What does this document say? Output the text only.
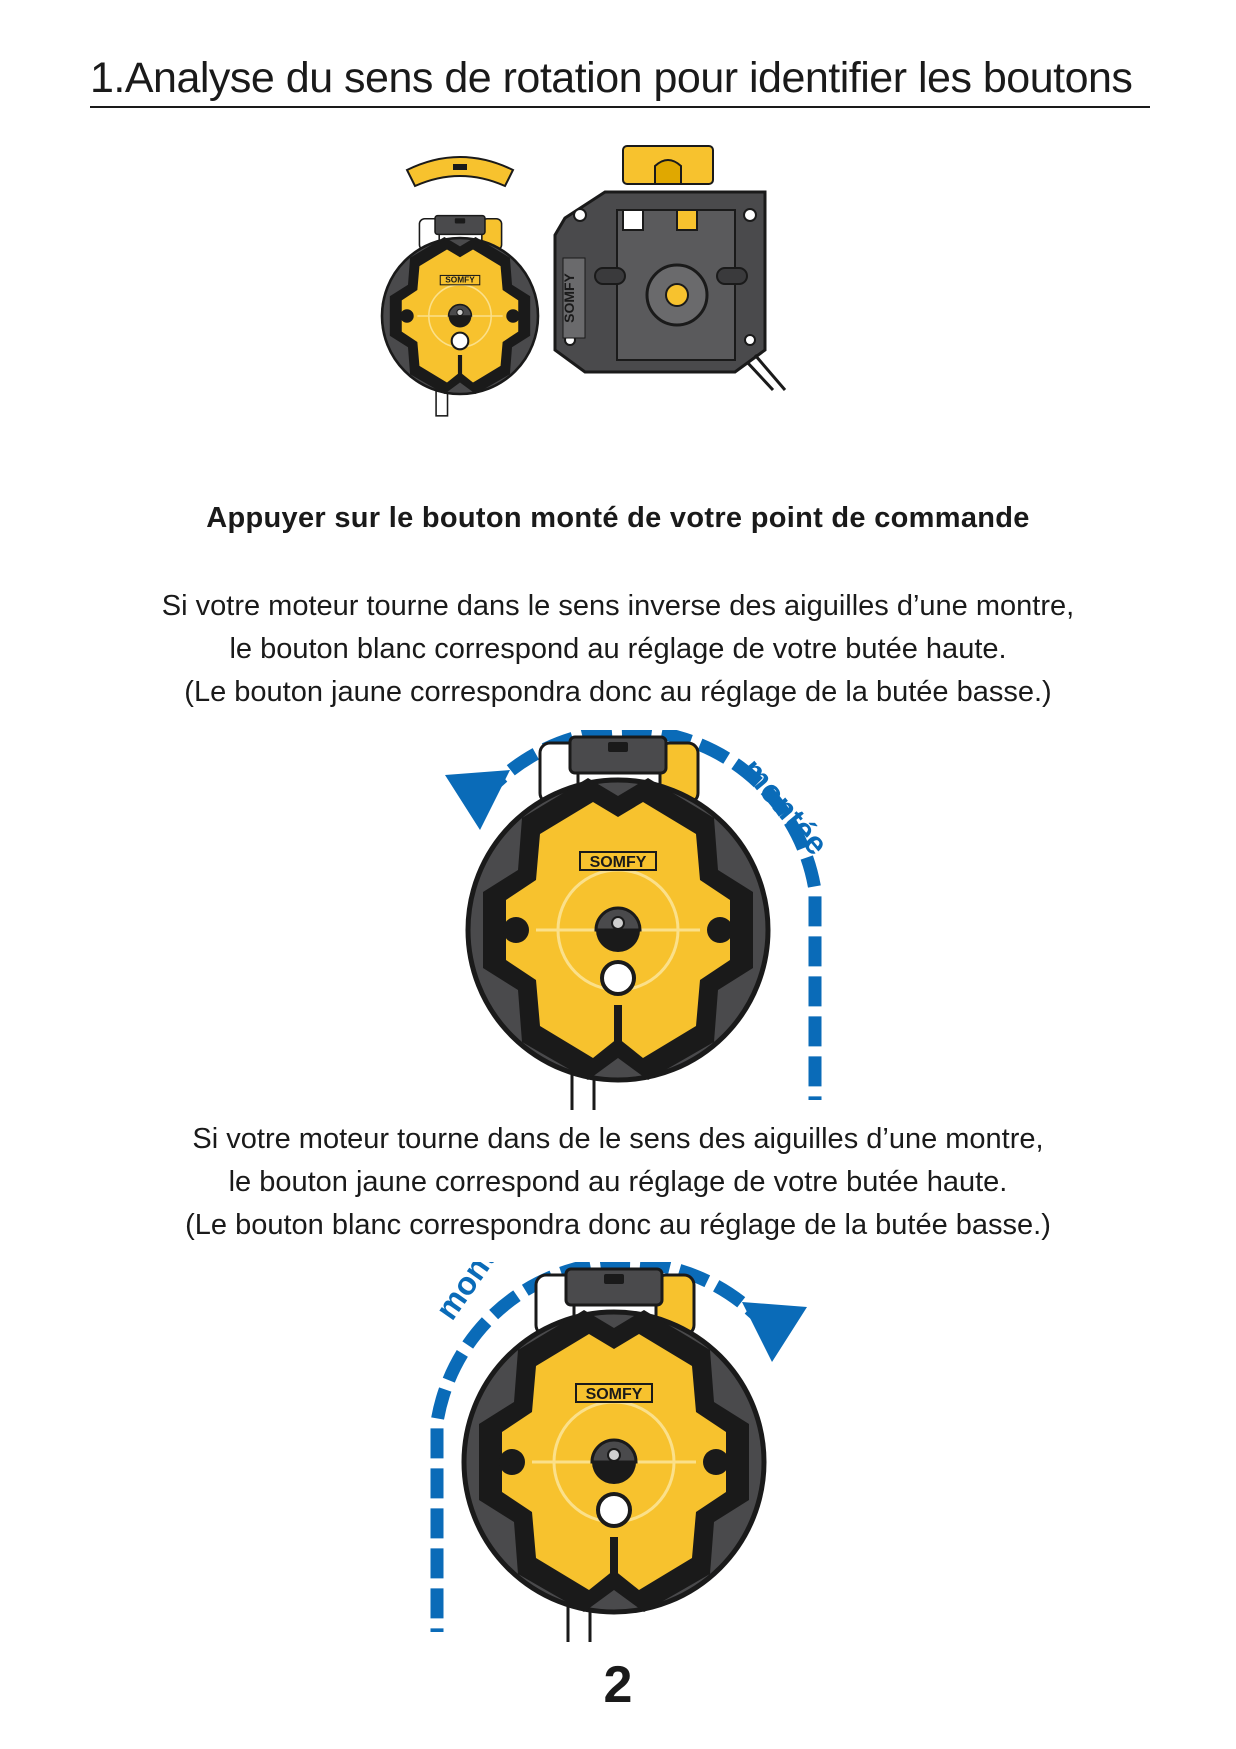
1.Analyse du sens de rotation pour identifier les boutons
SOMFY	SOMFY
Appuyer sur le bouton monté de votre point de commande
Si votre moteur tourne dans le sens inverse des aiguilles d’une montre,
le bouton blanc correspond au réglage de votre butée haute.
(Le bouton jaune correspondra donc au réglage de la butée basse.)
montée
SOMFY
Si votre moteur tourne dans de le sens des aiguilles d’une montre,
le bouton jaune correspond au réglage de votre butée haute.
(Le bouton blanc correspondra donc au réglage de la butée basse.)
montée
SOMFY
2
